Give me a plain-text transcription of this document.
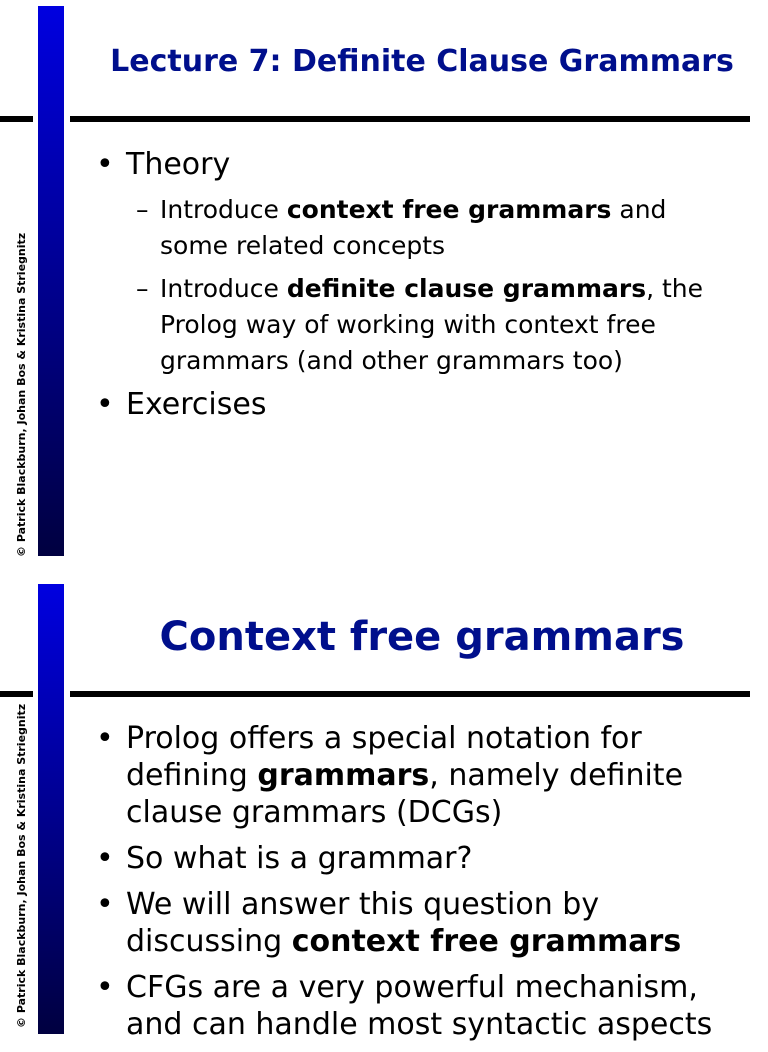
© Patrick Blackburn, Johan Bos & Kristina Striegnitz
Lecture 7: Definite Clause Grammars
• Theory
– Introduce context free grammars and some related concepts
– Introduce definite clause grammars, the Prolog way of working with context free grammars (and other grammars too)
• Exercises
© Patrick Blackburn, Johan Bos & Kristina Striegnitz
Context free grammars
• Prolog offers a special notation for defining grammars, namely definite clause grammars (DCGs)
• So what is a grammar?
• We will answer this question by discussing context free grammars
• CFGs are a very powerful mechanism, and can handle most syntactic aspects
